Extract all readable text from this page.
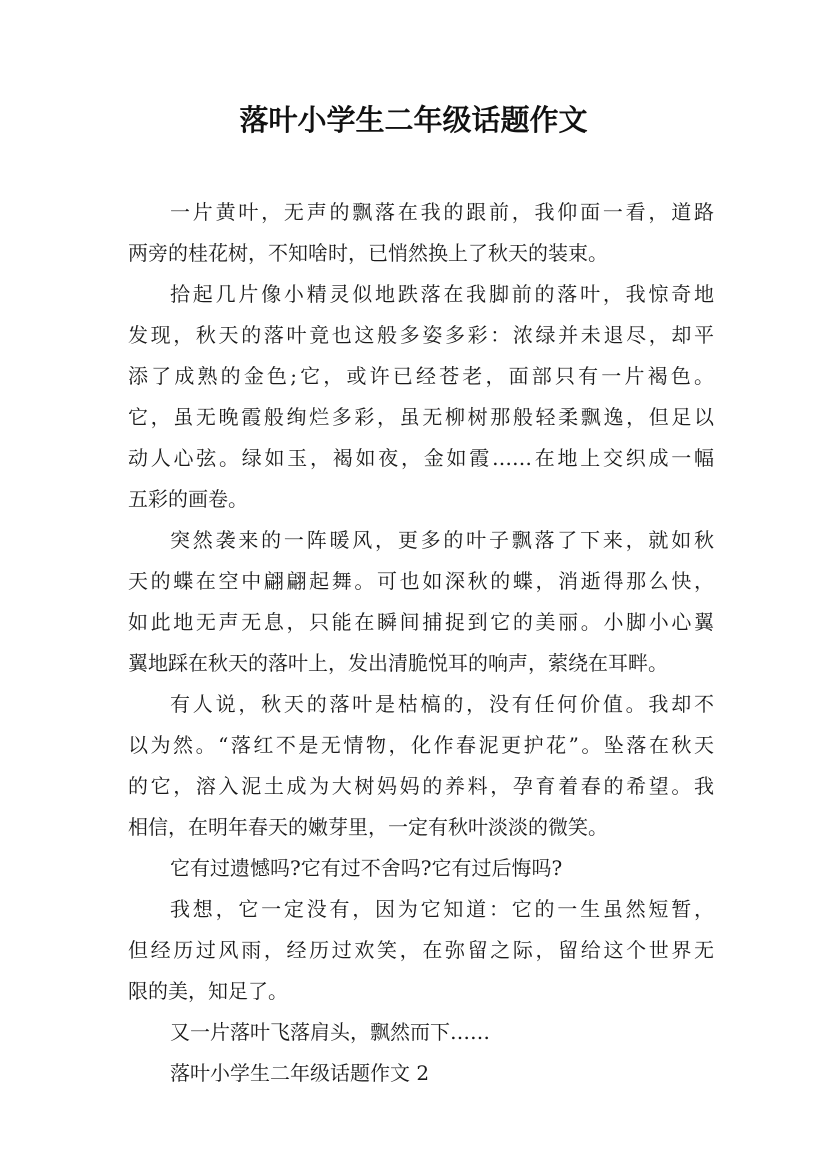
落叶小学生二年级话题作文
一片黄叶，无声的飘落在我的跟前，我仰面一看，道路
两旁的桂花树，不知啥时，已悄然换上了秋天的装束。
拾起几片像小精灵似地跌落在我脚前的落叶，我惊奇地
发现，秋天的落叶竟也这般多姿多彩：浓绿并未退尽，却平
添了成熟的金色;它，或许已经苍老，面部只有一片褐色。
它，虽无晚霞般绚烂多彩，虽无柳树那般轻柔飘逸，但足以
动人心弦。绿如玉，褐如夜，金如霞……在地上交织成一幅
五彩的画卷。
突然袭来的一阵暖风，更多的叶子飘落了下来，就如秋
天的蝶在空中翩翩起舞。可也如深秋的蝶，消逝得那么快，
如此地无声无息，只能在瞬间捕捉到它的美丽。小脚小心翼
翼地踩在秋天的落叶上，发出清脆悦耳的响声，萦绕在耳畔。
有人说，秋天的落叶是枯槁的，没有任何价值。我却不
以为然。“落红不是无情物，化作春泥更护花”。坠落在秋天
的它，溶入泥土成为大树妈妈的养料，孕育着春的希望。我
相信，在明年春天的嫩芽里，一定有秋叶淡淡的微笑。
它有过遗憾吗?它有过不舍吗?它有过后悔吗?
我想，它一定没有，因为它知道：它的一生虽然短暂，
但经历过风雨，经历过欢笑，在弥留之际，留给这个世界无
限的美，知足了。
又一片落叶飞落肩头，飘然而下……
落叶小学生二年级话题作文 2
